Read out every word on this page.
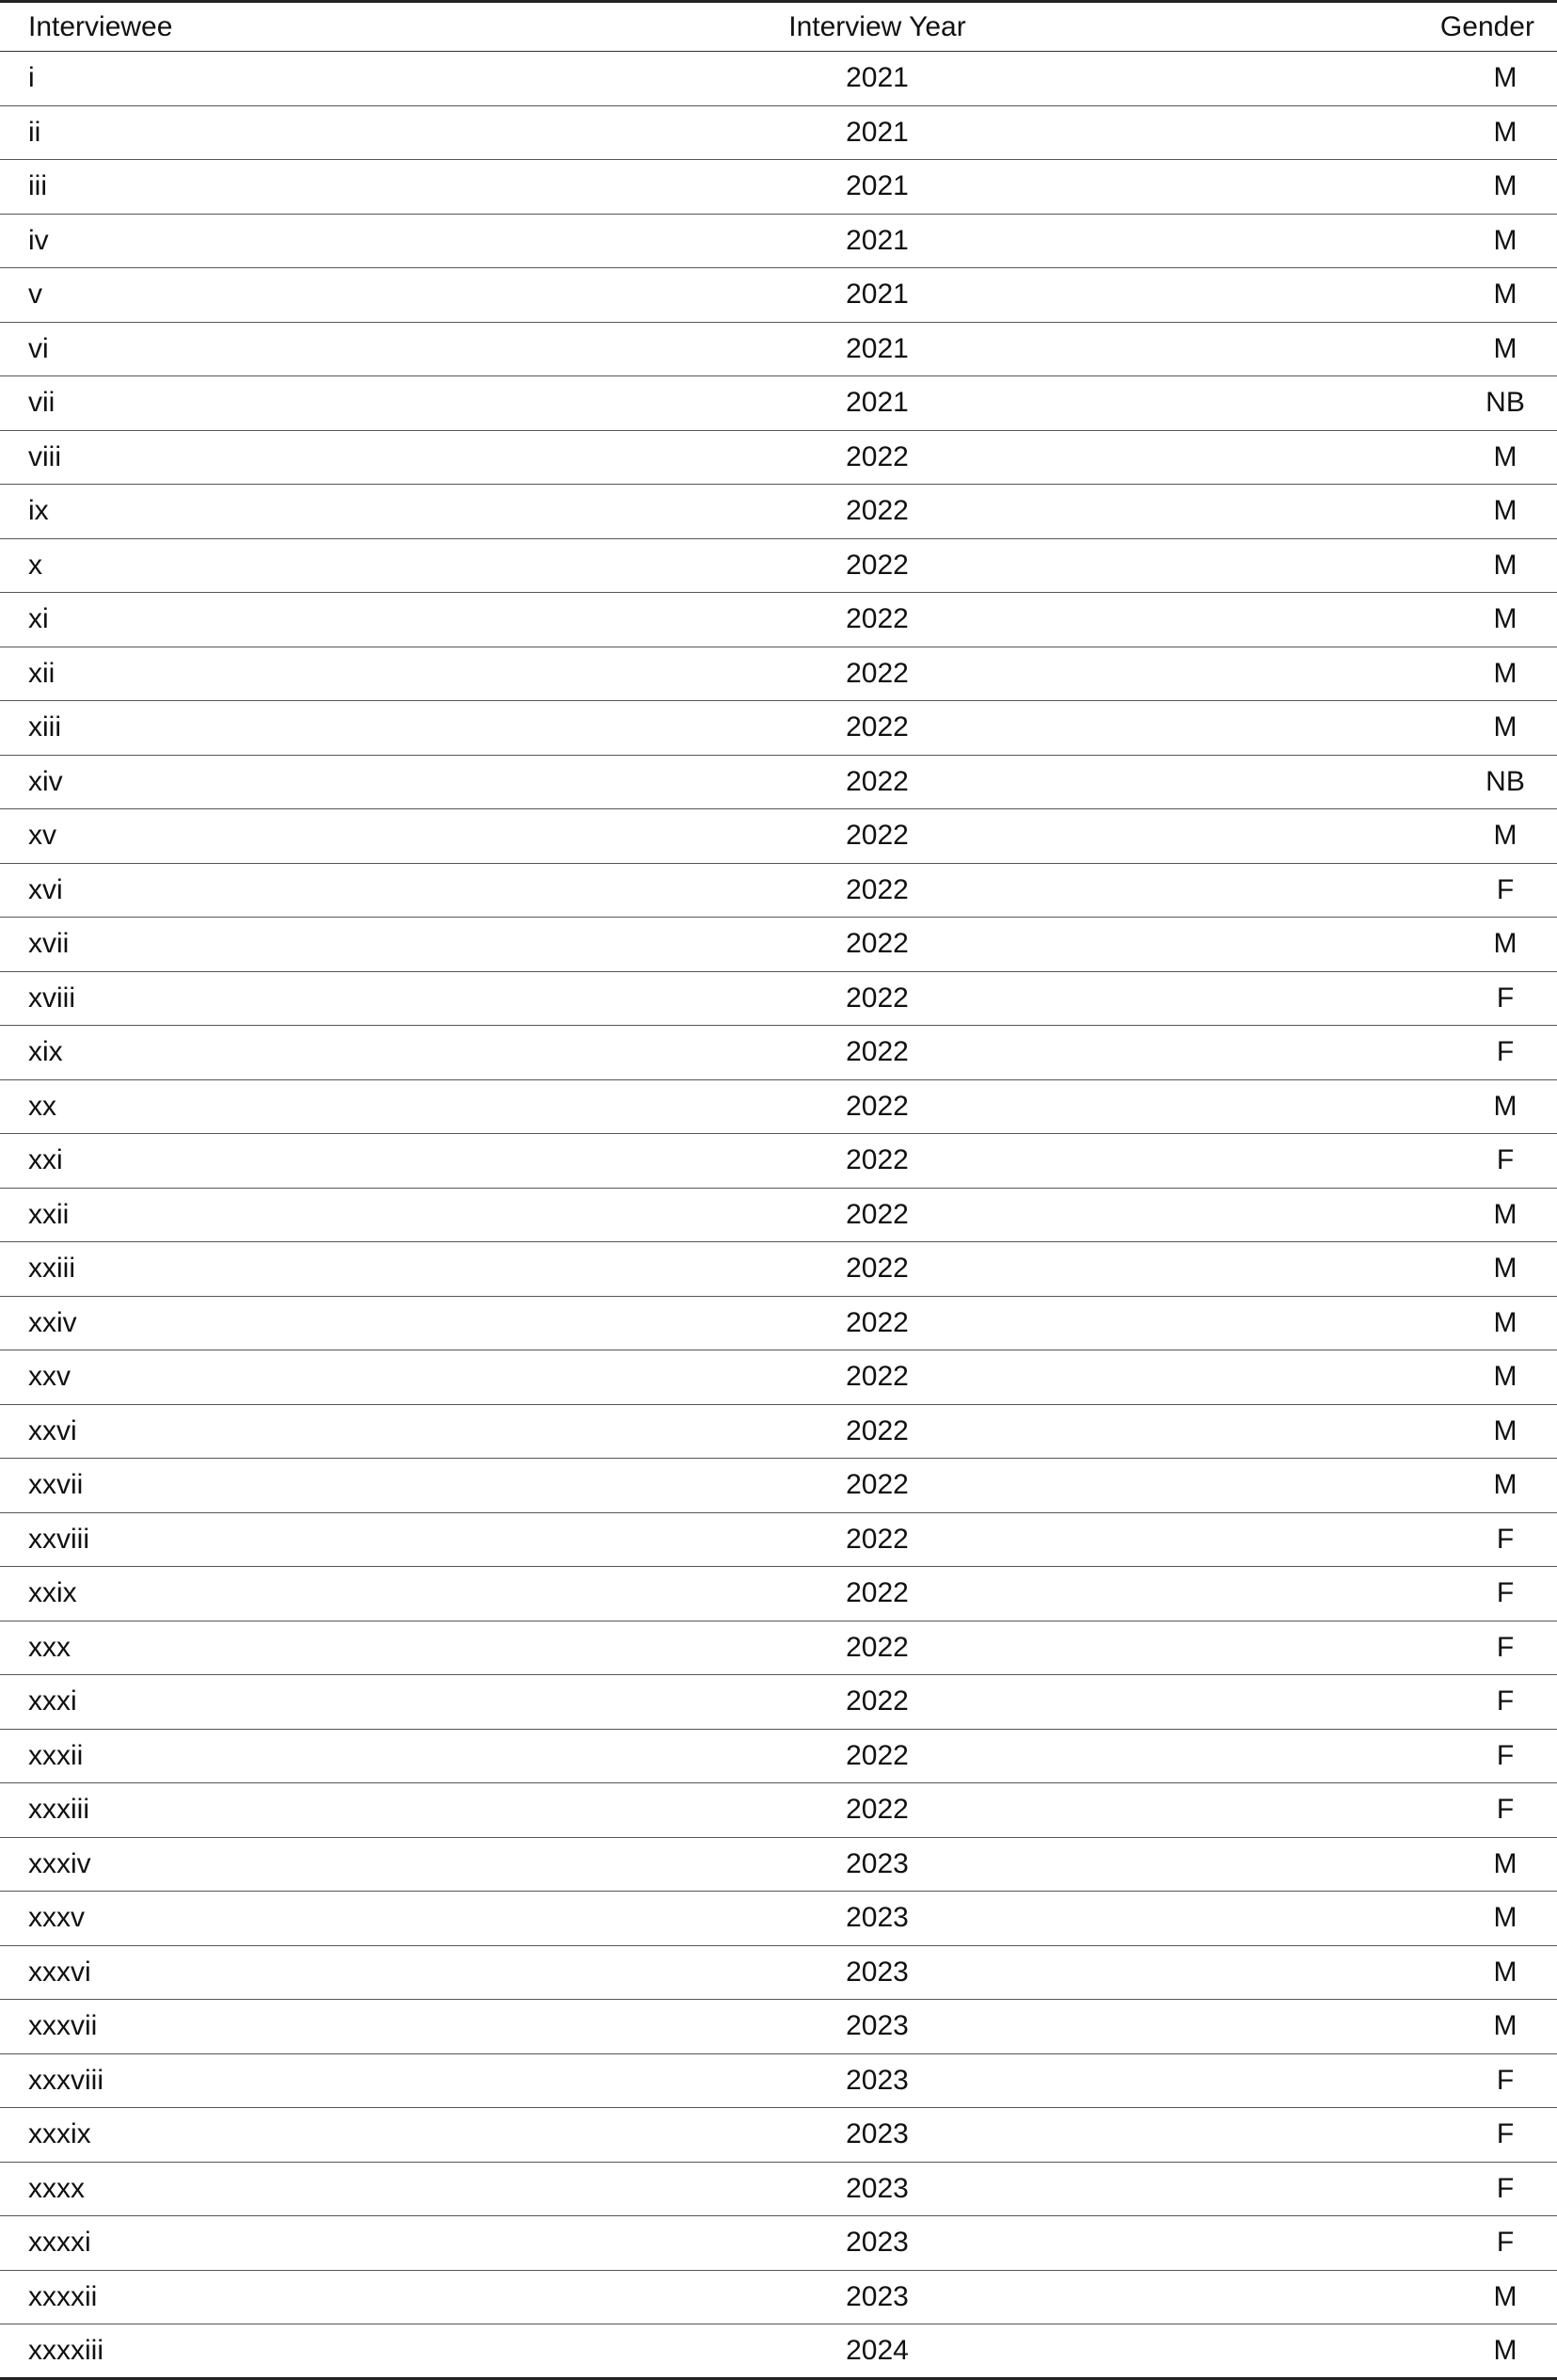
Interviewee	Interview Year	Gender
i	2021	M
ii	2021	M
iii	2021	M
iv	2021	M
v	2021	M
vi	2021	M
vii	2021	NB
viii	2022	M
ix	2022	M
x	2022	M
xi	2022	M
xii	2022	M
xiii	2022	M
xiv	2022	NB
xv	2022	M
xvi	2022	F
xvii	2022	M
xviii	2022	F
xix	2022	F
xx	2022	M
xxi	2022	F
xxii	2022	M
xxiii	2022	M
xxiv	2022	M
xxv	2022	M
xxvi	2022	M
xxvii	2022	M
xxviii	2022	F
xxix	2022	F
xxx	2022	F
xxxi	2022	F
xxxii	2022	F
xxxiii	2022	F
xxxiv	2023	M
xxxv	2023	M
xxxvi	2023	M
xxxvii	2023	M
xxxviii	2023	F
xxxix	2023	F
xxxx	2023	F
xxxxi	2023	F
xxxxii	2023	M
xxxxiii	2024	M
